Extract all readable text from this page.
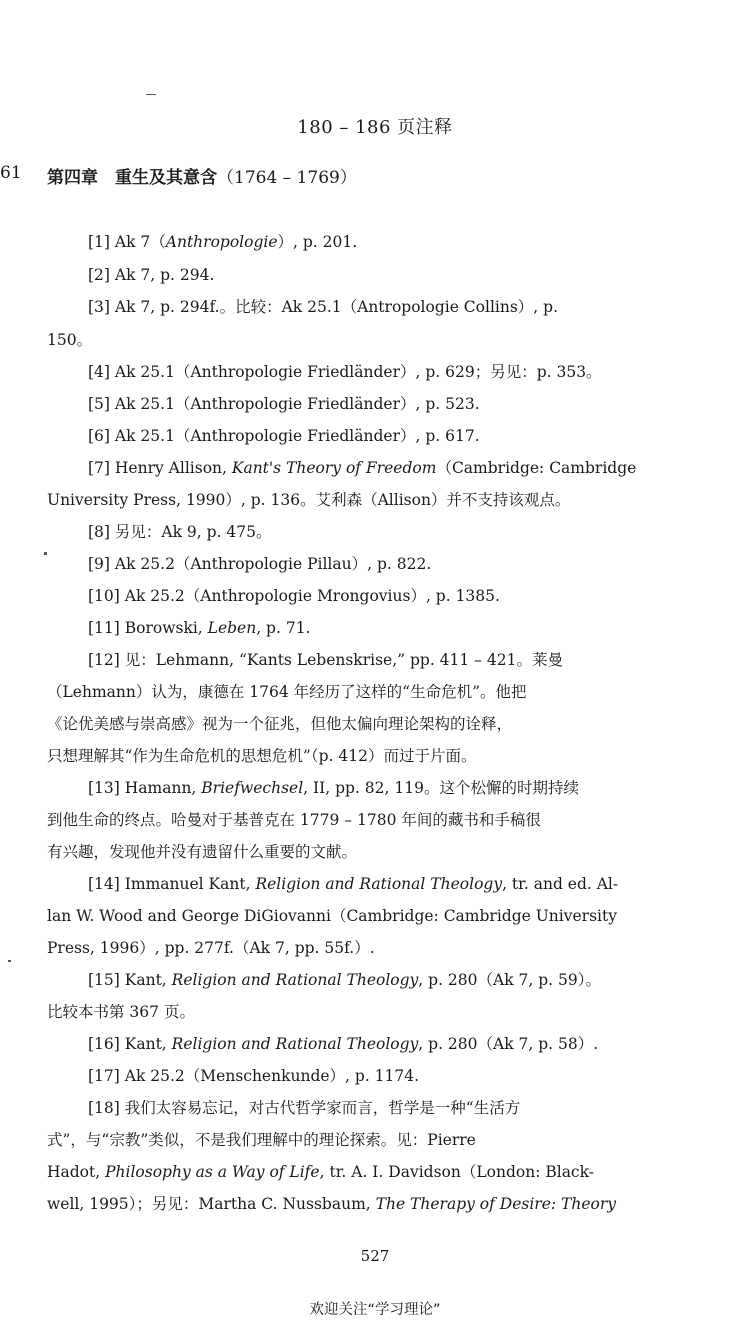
180 – 186 页注释
61 第四章　重生及其意含（1764 – 1769）
[1] Ak 7（Anthropologie）, p. 201.
[2] Ak 7, p. 294.
[3] Ak 7, p. 294f.。比较：Ak 25.1（Antropologie Collins）, p.
150。
[4] Ak 25.1（Anthropologie Friedländer）, p. 629；另见：p. 353。
[5] Ak 25.1（Anthropologie Friedländer）, p. 523.
[6] Ak 25.1（Anthropologie Friedländer）, p. 617.
[7] Henry Allison, Kant's Theory of Freedom（Cambridge: Cambridge
University Press, 1990）, p. 136。艾利森（Allison）并不支持该观点。
[8] 另见：Ak 9, p. 475。
[9] Ak 25.2（Anthropologie Pillau）, p. 822.
[10] Ak 25.2（Anthropologie Mrongovius）, p. 1385.
[11] Borowski, Leben, p. 71.
[12] 见：Lehmann, “Kants Lebenskrise,” pp. 411 – 421。莱曼
（Lehmann）认为，康德在 1764 年经历了这样的“生命危机”。他把
《论优美感与崇高感》视为一个征兆，但他太偏向理论架构的诠释，
只想理解其“作为生命危机的思想危机”（p. 412）而过于片面。
[13] Hamann, Briefwechsel, II, pp. 82, 119。这个松懈的时期持续
到他生命的终点。哈曼对于基普克在 1779 – 1780 年间的藏书和手稿很
有兴趣，发现他并没有遗留什么重要的文献。
[14] Immanuel Kant, Religion and Rational Theology, tr. and ed. Al-
lan W. Wood and George DiGiovanni（Cambridge: Cambridge University
Press, 1996）, pp. 277f.（Ak 7, pp. 55f.）.
[15] Kant, Religion and Rational Theology, p. 280（Ak 7, p. 59）。
比较本书第 367 页。
[16] Kant, Religion and Rational Theology, p. 280（Ak 7, p. 58）.
[17] Ak 25.2（Menschenkunde）, p. 1174.
[18] 我们太容易忘记，对古代哲学家而言，哲学是一种“生活方
式”，与“宗教”类似，不是我们理解中的理论探索。见：Pierre
Hadot, Philosophy as a Way of Life, tr. A. I. Davidson（London: Black-
well, 1995）；另见：Martha C. Nussbaum, The Therapy of Desire: Theory
527
欢迎关注“学习理论”
